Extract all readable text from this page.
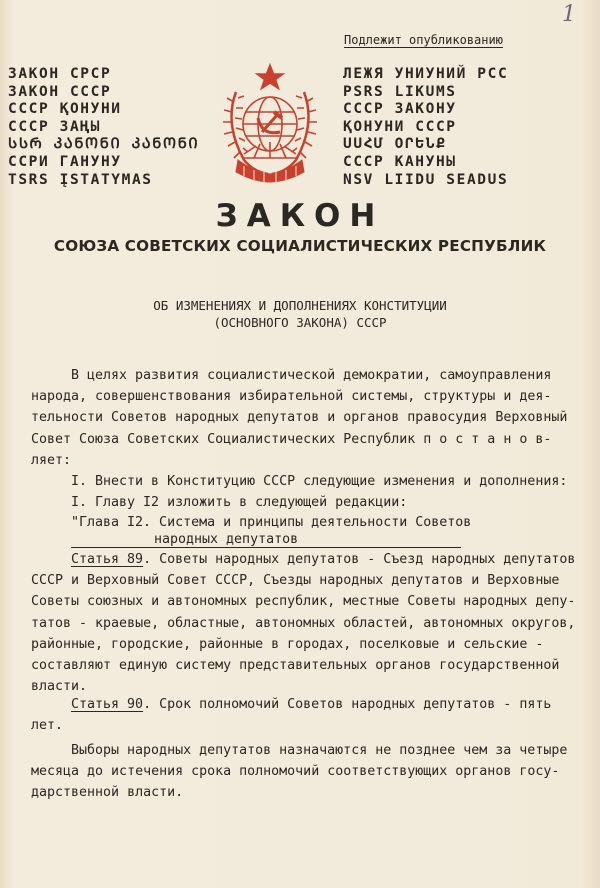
1
Подлежит опубликованию
ЗАКОН СРСР
ЗАКОН СССР
СССР ҚОНУНИ
СССР ЗАҢЫ
ᲡᲡᲠ ᲙᲐᲜᲝᲜᲘ ᲙᲐᲜᲝᲜᲘ
ССРИ ГАНУНУ
TSRS ĮSTATYMAS
ЛЕЖЯ УНИУНИЙ РСС
PSRS LIKUMS
СССР ЗАКОНУ
ҚОНУНИ СССР
ՍՍՀՄ ՕՐԵՆՔ
СССР КАНУНЫ
NSV LIIDU SEADUS
ЗАКОН
СОЮЗА СОВЕТСКИХ СОЦИАЛИСТИЧЕСКИХ РЕСПУБЛИК
ОБ ИЗМЕНЕНИЯХ И ДОПОЛНЕНИЯХ КОНСТИТУЦИИ
(ОСНОВНОГО ЗАКОНА) СССР
В целях развития социалистической демократии, самоуправления
народа, совершенствования избирательной системы, структуры и дея-
тельности Советов народных депутатов и органов правосудия Верховный
Совет Союза Советских Социалистических Республик п о с т а н о в-
ляет:
I. Внести в Конституцию СССР следующие изменения и дополнения:
I. Главу I2 изложить в следующей редакции:
"Глава I2. Система и принципы деятельности Советов
народных депутатов
Статья 89. Советы народных депутатов - Съезд народных депутатов
СССР и Верховный Совет СССР, Съезды народных депутатов и Верховные
Советы союзных и автономных республик, местные Советы народных депу-
татов - краевые, областные, автономных областей, автономных округов,
районные, городские, районные в городах, поселковые и сельские -
составляют единую систему представительных органов государственной
власти.
Статья 90. Срок полномочий Советов народных депутатов - пять
лет.
Выборы народных депутатов назначаются не позднее чем за четыре
месяца до истечения срока полномочий соответствующих органов госу-
дарственной власти.
